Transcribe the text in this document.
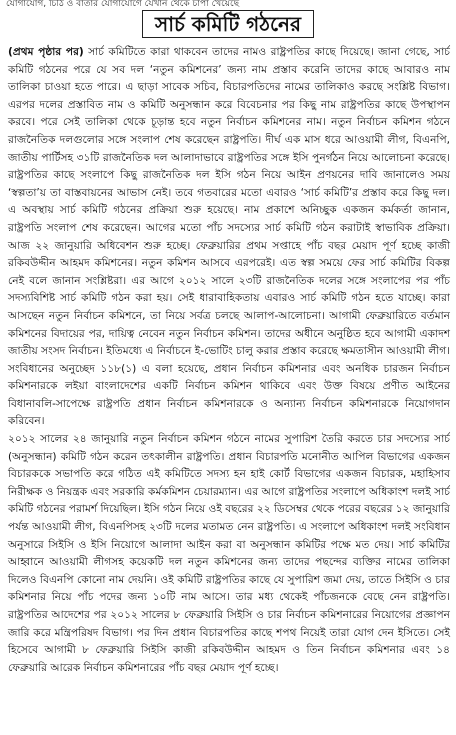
যোগাযোগ, চিঠি ও বার্তার যোগাযোগে যেখান থেকে চাপা খেয়েছে
সার্চ কমিটি গঠনের

(প্রথম পৃষ্ঠার পর) সার্চ কমিটিতে কারা থাকবেন তাদের নামও রাষ্ট্রপতির কাছে দিয়েছে। জানা গেছে, সার্চ কমিটি গঠনের পরে যে সব দল ‘নতুন কমিশনের’ জন্য নাম প্রস্তাব করেনি তাদের কাছে আবারও নাম তালিকা চাওয়া হতে পারে। এ ছাড়া সাবেক সচিব, বিচারপতিদের নামের তালিকাও করছে সংশ্লিষ্ট বিভাগ। এরপর দলের প্রস্তাবিত নাম ও কমিটি অনুসন্ধান করে বিবেচনার পর কিছু নাম রাষ্ট্রপতির কাছে উপস্থাপন করবে। পরে সেই তালিকা থেকে চূড়ান্ত হবে নতুন নির্বাচন কমিশনের নাম। নতুন নির্বাচন কমিশন গঠনে রাজনৈতিক দলগুলোর সঙ্গে সংলাপ শেষ করেছেন রাষ্ট্রপতি। দীর্ঘ এক মাস ধরে আওয়ামী লীগ, বিএনপি, জাতীয় পার্টিসহ ৩১টি রাজনৈতিক দল আলাদাভাবে রাষ্ট্রপতির সঙ্গে ইসি পুনর্গঠন নিয়ে আলোচনা করেছে। রাষ্ট্রপতির কাছে সংলাপে কিছু রাজনৈতিক দল ইসি গঠন নিয়ে আইন প্রণয়নের দাবি জানালেও সময় ‘স্বল্পতা’য় তা বাস্তবায়নের আভাস নেই। তবে গতবারের মতো এবারও ‘সার্চ কমিটি’র প্রস্তাব করে কিছু দল। এ অবস্থায় সার্চ কমিটি গঠনের প্রক্রিয়া শুরু হয়েছে। নাম প্রকাশে অনিচ্ছুক একজন কর্মকর্তা জানান, রাষ্ট্রপতি সংলাপ শেষ করেছেন। আগের মতো পাঁচ সদস্যের সার্চ কমিটি গঠন করাটাই স্বাভাবিক প্রক্রিয়া। আজ ২২ জানুয়ারি অধিবেশন শুরু হচ্ছে। ফেব্রুয়ারির প্রথম সপ্তাহে পাঁচ বছর মেয়াদ পূর্ণ হচ্ছে কাজী রকিবউদ্দীন আহমদ কমিশনের। নতুন কমিশন আসবে এরপরেই। এত স্বল্প সময়ে ফের সার্চ কমিটির বিকল্প নেই বলে জানান সংশ্লিষ্টরা। এর আগে ২০১২ সালে ২৩টি রাজনৈতিক দলের সঙ্গে সংলাপের পর পাঁচ সদস্যবিশিষ্ট সার্চ কমিটি গঠন করা হয়। সেই ধারাবাহিকতায় এবারও সার্চ কমিটি গঠন হতে যাচ্ছে। কারা আসছেন নতুন নির্বাচন কমিশনে, তা নিয়ে সর্বত্র চলছে আলাপ-আলোচনা। আগামী ফেব্রুয়ারিতে বর্তমান কমিশনের বিদায়ের পর, দায়িত্ব নেবেন নতুন নির্বাচন কমিশন। তাদের অধীনে অনুষ্ঠিত হবে আগামী একাদশ জাতীয় সংসদ নির্বাচন। ইতিমধ্যে এ নির্বাচনে ই-ভোটিং চালু করার প্রস্তাব করেছে ক্ষমতাসীন আওয়ামী লীগ। সংবিধানের অনুচ্ছেদ ১১৮(১) এ বলা হয়েছে, প্রধান নির্বাচন কমিশনার এবং অনধিক চারজন নির্বাচন কমিশনারকে লইয়া বাংলাদেশের একটি নির্বাচন কমিশন থাকিবে এবং উক্ত বিষয়ে প্রণীত আইনের বিধানাবলি-সাপেক্ষে রাষ্ট্রপতি প্রধান নির্বাচন কমিশনারকে ও অন্যান্য নির্বাচন কমিশনারকে নিয়োগদান করিবেন।

২০১২ সালের ২৪ জানুয়ারি নতুন নির্বাচন কমিশন গঠনে নামের সুপারিশ তৈরি করতে চার সদস্যের সার্চ (অনুসন্ধান) কমিটি গঠন করেন তৎকালীন রাষ্ট্রপতি। প্রধান বিচারপতি মনোনীত আপিল বিভাগের একজন বিচারককে সভাপতি করে গঠিত এই কমিটিতে সদস্য হন হাই কোর্ট বিভাগের একজন বিচারক, মহাহিসাব নিরীক্ষক ও নিয়ন্ত্রক এবং সরকারি কর্মকমিশন চেয়ারম্যান। এর আগে রাষ্ট্রপতির সংলাপে অধিকাংশ দলই সার্চ কমিটি গঠনের পরামর্শ দিয়েছিল। ইসি গঠন নিয়ে ওই বছরের ২২ ডিসেম্বর থেকে পরের বছরের ১২ জানুয়ারি পর্যন্ত আওয়ামী লীগ, বিএনপিসহ ২৩টি দলের মতামত নেন রাষ্ট্রপতি। এ সংলাপে অধিকাংশ দলই সংবিধান অনুসারে সিইসি ও ইসি নিয়োগে আলাদা আইন করা বা অনুসন্ধান কমিটির পক্ষে মত দেয়। সার্চ কমিটির আহ্বানে আওয়ামী লীগসহ কয়েকটি দল নতুন কমিশনের জন্য তাদের পছন্দের ব্যক্তির নামের তালিকা দিলেও বিএনপি কোনো নাম দেয়নি। ওই কমিটি রাষ্ট্রপতির কাছে যে সুপারিশ জমা দেয়, তাতে সিইসি ও চার কমিশনার নিয়ে পাঁচ পদের জন্য ১০টি নাম আসে। তার মধ্য থেকেই পাঁচজনকে বেছে নেন রাষ্ট্রপতি। রাষ্ট্রপতির আদেশের পর ২০১২ সালের ৮ ফেব্রুয়ারি সিইসি ও চার নির্বাচন কমিশনারের নিয়োগের প্রজ্ঞাপন জারি করে মন্ত্রিপরিষদ বিভাগ। পর দিন প্রধান বিচারপতির কাছে শপথ নিয়েই তারা যোগ দেন ইসিতে। সেই হিসেবে আগামী ৮ ফেব্রুয়ারি সিইসি কাজী রকিবউদ্দীন আহমদ ও তিন নির্বাচন কমিশনার এবং ১৪ ফেব্রুয়ারি আরেক নির্বাচন কমিশনারের পাঁচ বছর মেয়াদ পূর্ণ হচ্ছে।
